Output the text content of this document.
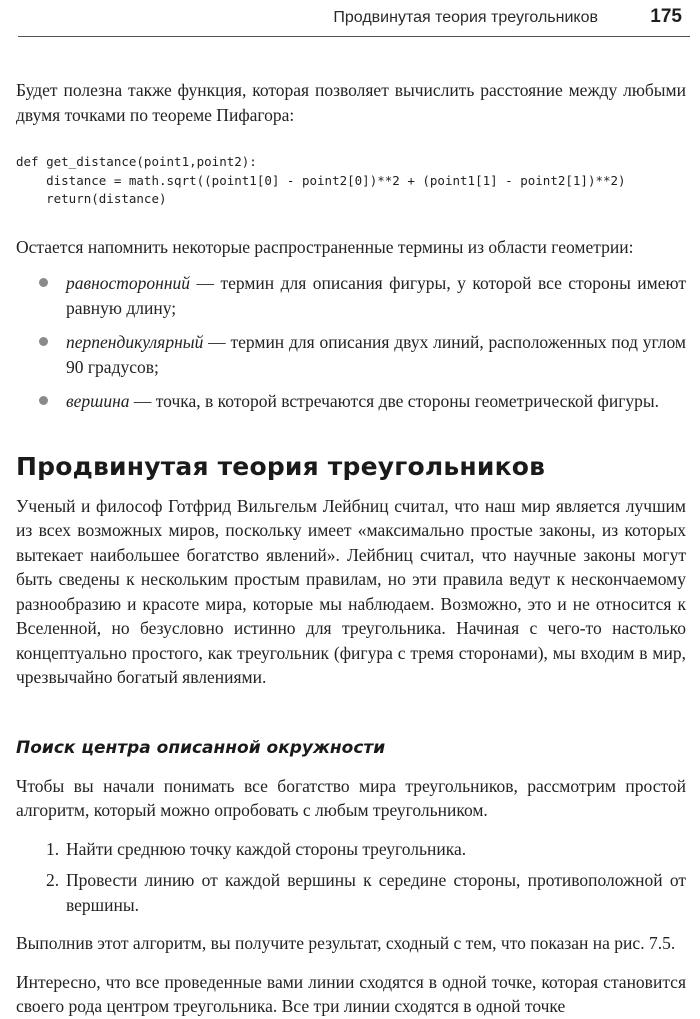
Продвинутая теория треугольников	175

Будет полезна также функция, которая позволяет вычислить расстояние между любыми двумя точками по теореме Пифагора:

def get_distance(point1,point2):
distance = math.sqrt((point1[0] - point2[0])**2 + (point1[1] - point2[1])**2)
return(distance)

Остается напомнить некоторые распространенные термины из области геометрии:

равносторонний — термин для описания фигуры, у которой все стороны имеют равную длину;
перпендикулярный — термин для описания двух линий, расположенных под углом 90 градусов;
вершина — точка, в которой встречаются две стороны геометрической фигуры.
Продвинутая теория треугольников

Ученый и философ Готфрид Вильгельм Лейбниц считал, что наш мир является лучшим из всех возможных миров, поскольку имеет «максимально простые законы, из которых вытекает наибольшее богатство явлений». Лейбниц считал, что научные законы могут быть сведены к нескольким простым правилам, но эти правила ведут к нескончаемому разнообразию и красоте мира, которые мы наблюдаем. Возможно, это и не относится к Вселенной, но безусловно истинно для треугольника. Начиная с чего-то настолько концептуально простого, как треугольник (фигура с тремя сторонами), мы входим в мир, чрезвычайно богатый явлениями.

Поиск центра описанной окружности

Чтобы вы начали понимать все богатство мира треугольников, рассмотрим простой алгоритм, который можно опробовать с любым треугольником.

1. Найти среднюю точку каждой стороны треугольника.
2. Провести линию от каждой вершины к середине стороны, противоположной от вершины.

Выполнив этот алгоритм, вы получите результат, сходный с тем, что показан на рис. 7.5.

Интересно, что все проведенные вами линии сходятся в одной точке, которая становится своего рода центром треугольника. Все три линии сходятся в одной точке
